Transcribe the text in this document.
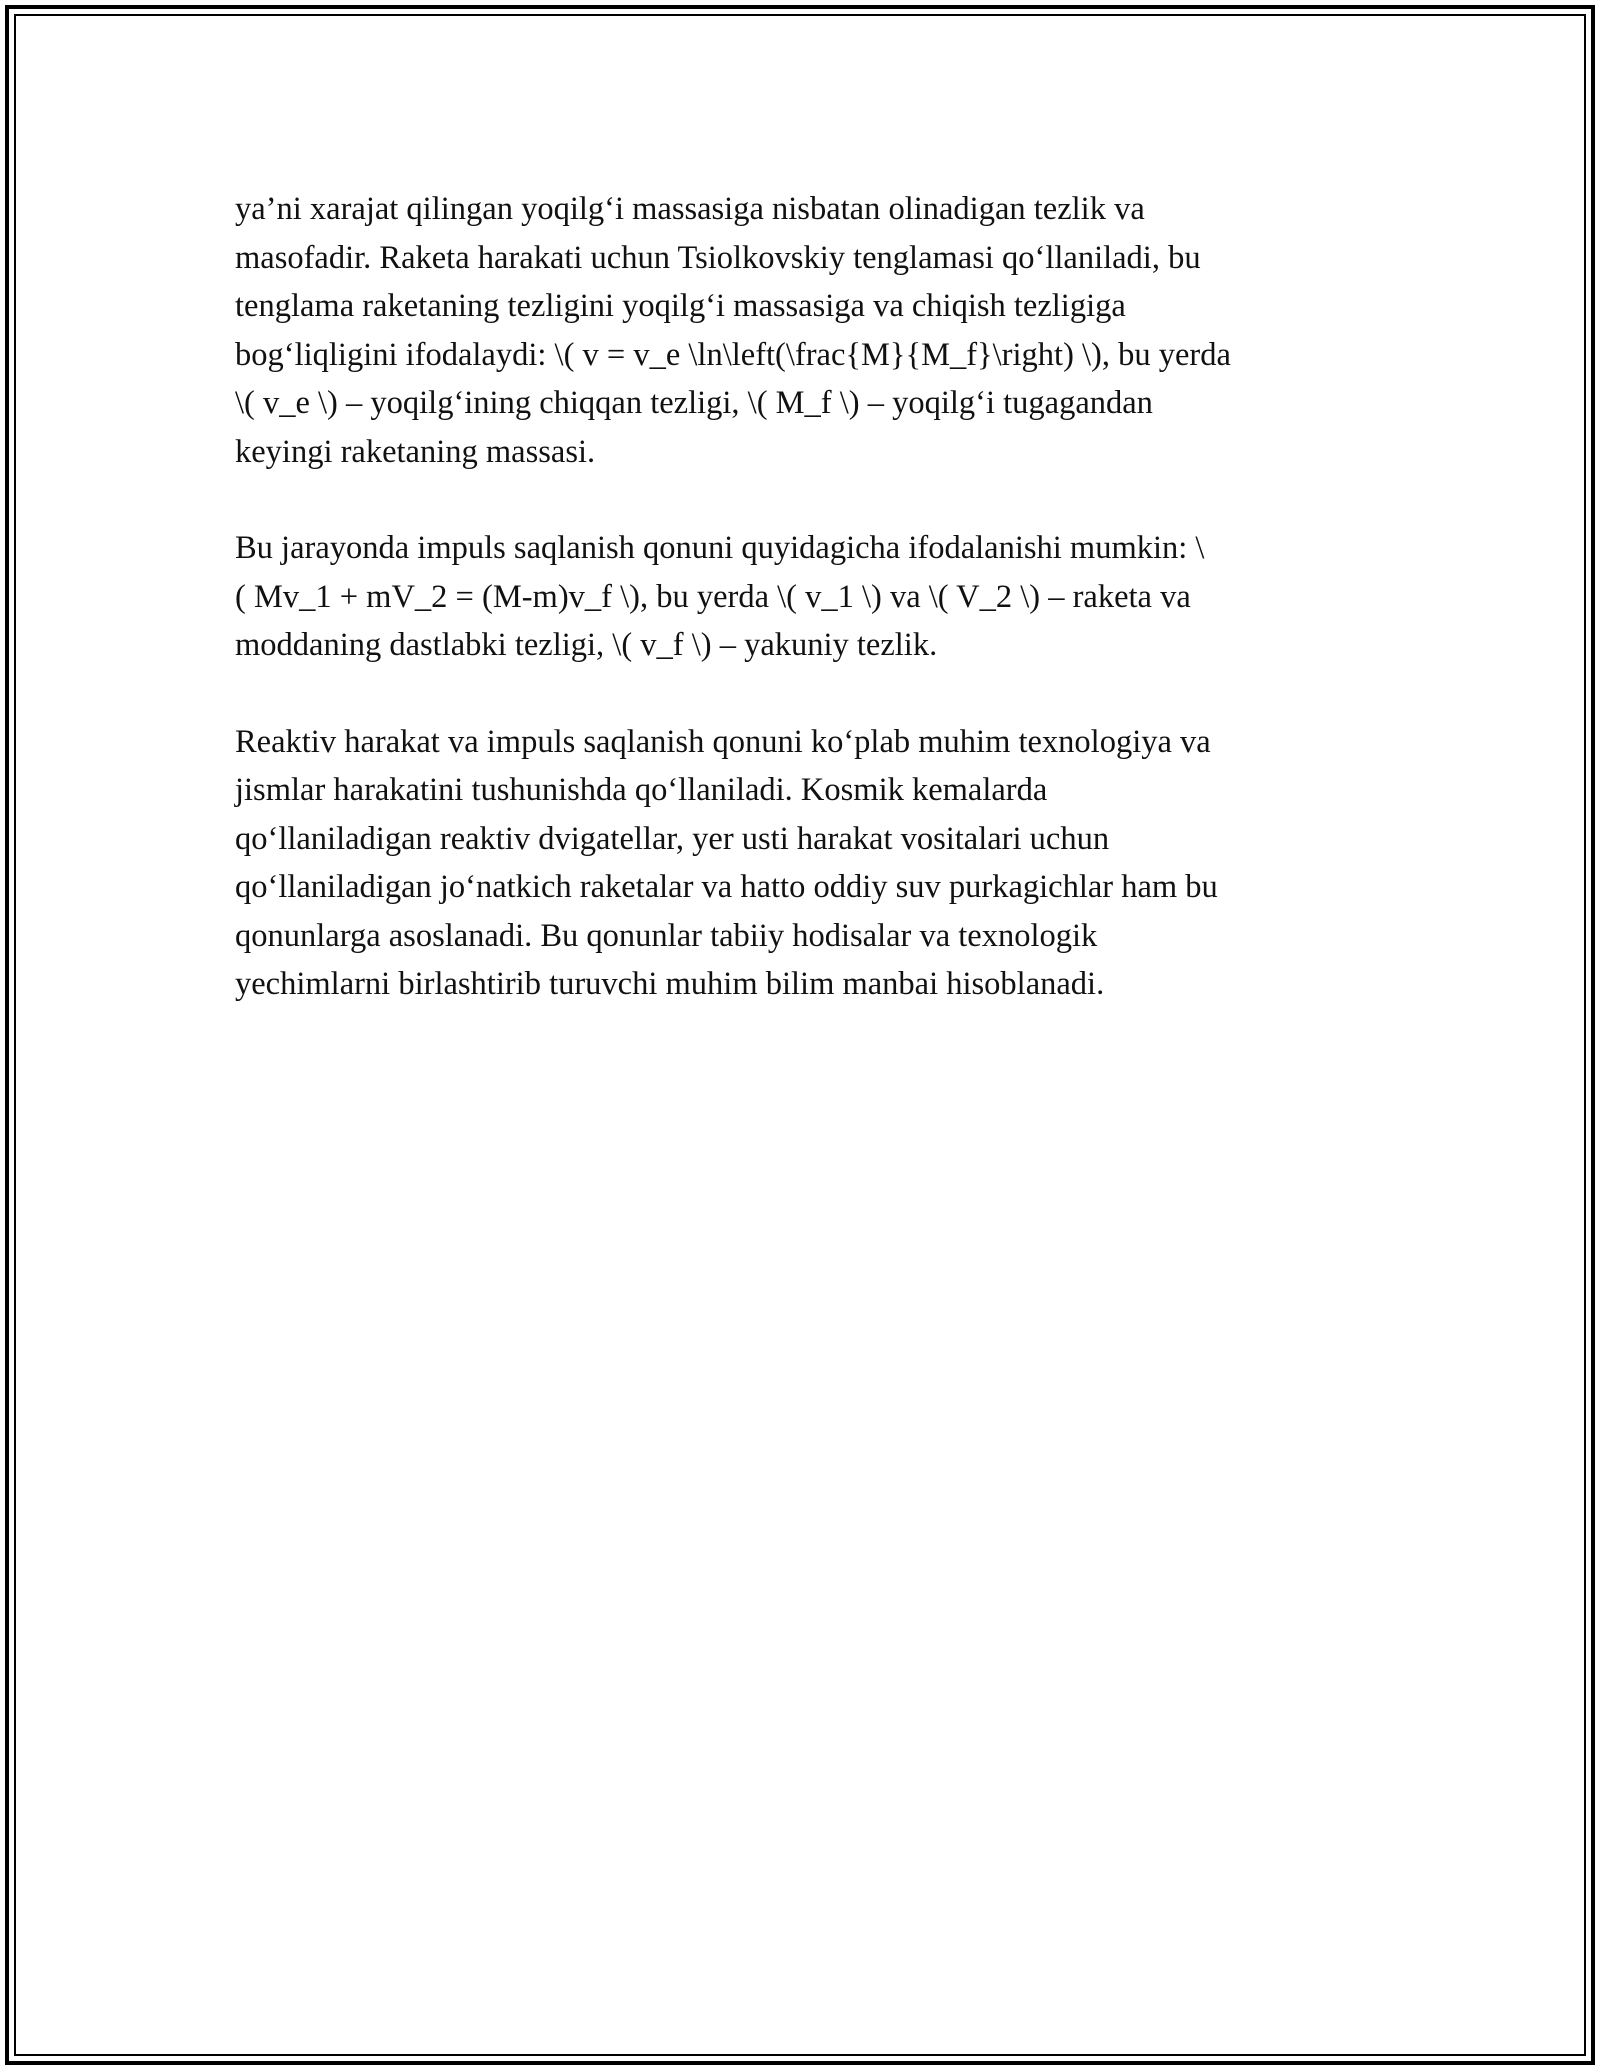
ya’ni xarajat qilingan yoqilg‘i massasiga nisbatan olinadigan tezlik va
masofadir. Raketa harakati uchun Tsiolkovskiy tenglamasi qo‘llaniladi, bu
tenglama raketaning tezligini yoqilg‘i massasiga va chiqish tezligiga
bog‘liqligini ifodalaydi: \( v = v_e \ln\left(\frac{M}{M_f}\right) \), bu yerda
\( v_e \) – yoqilg‘ining chiqqan tezligi, \( M_f \) – yoqilg‘i tugagandan
keyingi raketaning massasi.

Bu jarayonda impuls saqlanish qonuni quyidagicha ifodalanishi mumkin: \
( Mv_1 + mV_2 = (M-m)v_f \), bu yerda \( v_1 \) va \( V_2 \) – raketa va
moddaning dastlabki tezligi, \( v_f \) – yakuniy tezlik.

Reaktiv harakat va impuls saqlanish qonuni ko‘plab muhim texnologiya va
jismlar harakatini tushunishda qo‘llaniladi. Kosmik kemalarda
qo‘llaniladigan reaktiv dvigatellar, yer usti harakat vositalari uchun
qo‘llaniladigan jo‘natkich raketalar va hatto oddiy suv purkagichlar ham bu
qonunlarga asoslanadi. Bu qonunlar tabiiy hodisalar va texnologik
yechimlarni birlashtirib turuvchi muhim bilim manbai hisoblanadi.
